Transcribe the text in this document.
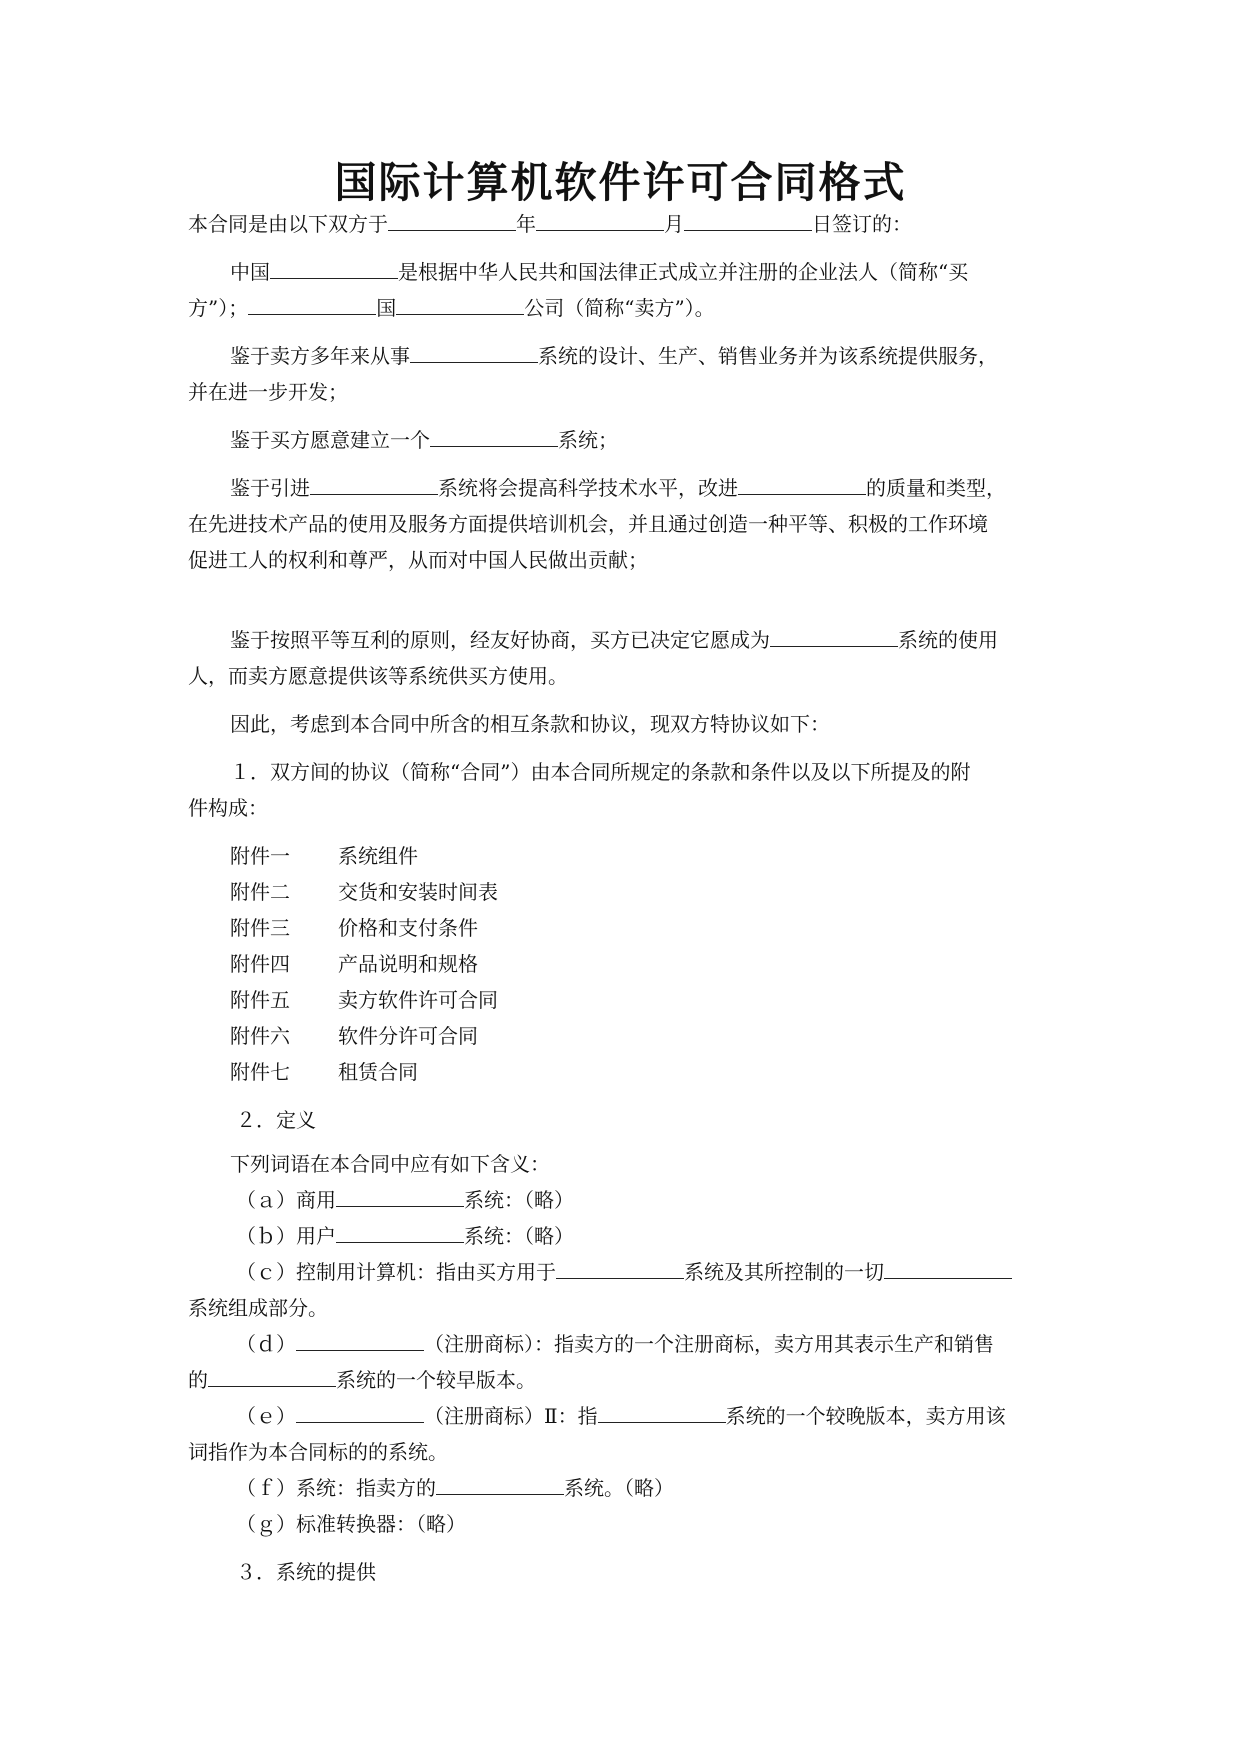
国际计算机软件许可合同格式
本合同是由以下双方于	年	月	日签订的：
中国	是根据中华人民共和国法律正式成立并注册的企业法人（简称“买
方”）；	国	公司（简称“卖方”）。
鉴于卖方多年来从事	系统的设计、生产、销售业务并为该系统提供服务，
并在进一步开发；
鉴于买方愿意建立一个	系统；
鉴于引进	系统将会提高科学技术水平，改进	的质量和类型，
在先进技术产品的使用及服务方面提供培训机会，并且通过创造一种平等、积极的工作环境
促进工人的权利和尊严，从而对中国人民做出贡献；
鉴于按照平等互利的原则，经友好协商，买方已决定它愿成为	系统的使用
人，而卖方愿意提供该等系统供买方使用。
因此，考虑到本合同中所含的相互条款和协议，现双方特协议如下：
１．双方间的协议（简称“合同”）由本合同所规定的条款和条件以及以下所提及的附
件构成：
附件一 系统组件
附件二 交货和安装时间表
附件三 价格和支付条件
附件四 产品说明和规格
附件五 卖方软件许可合同
附件六 软件分许可合同
附件七 租赁合同
２．定义
下列词语在本合同中应有如下含义：
（ａ）商用	系统：（略）
（ｂ）用户	系统：（略）
（ｃ）控制用计算机：指由买方用于	系统及其所控制的一切
系统组成部分。
（ｄ）	（注册商标）：指卖方的一个注册商标，卖方用其表示生产和销售
的	系统的一个较早版本。
（ｅ）	（注册商标）Ⅱ：指	系统的一个较晚版本，卖方用该
词指作为本合同标的的系统。
（ｆ）系统：指卖方的	系统。（略）
（ｇ）标准转换器：（略）
３．系统的提供
